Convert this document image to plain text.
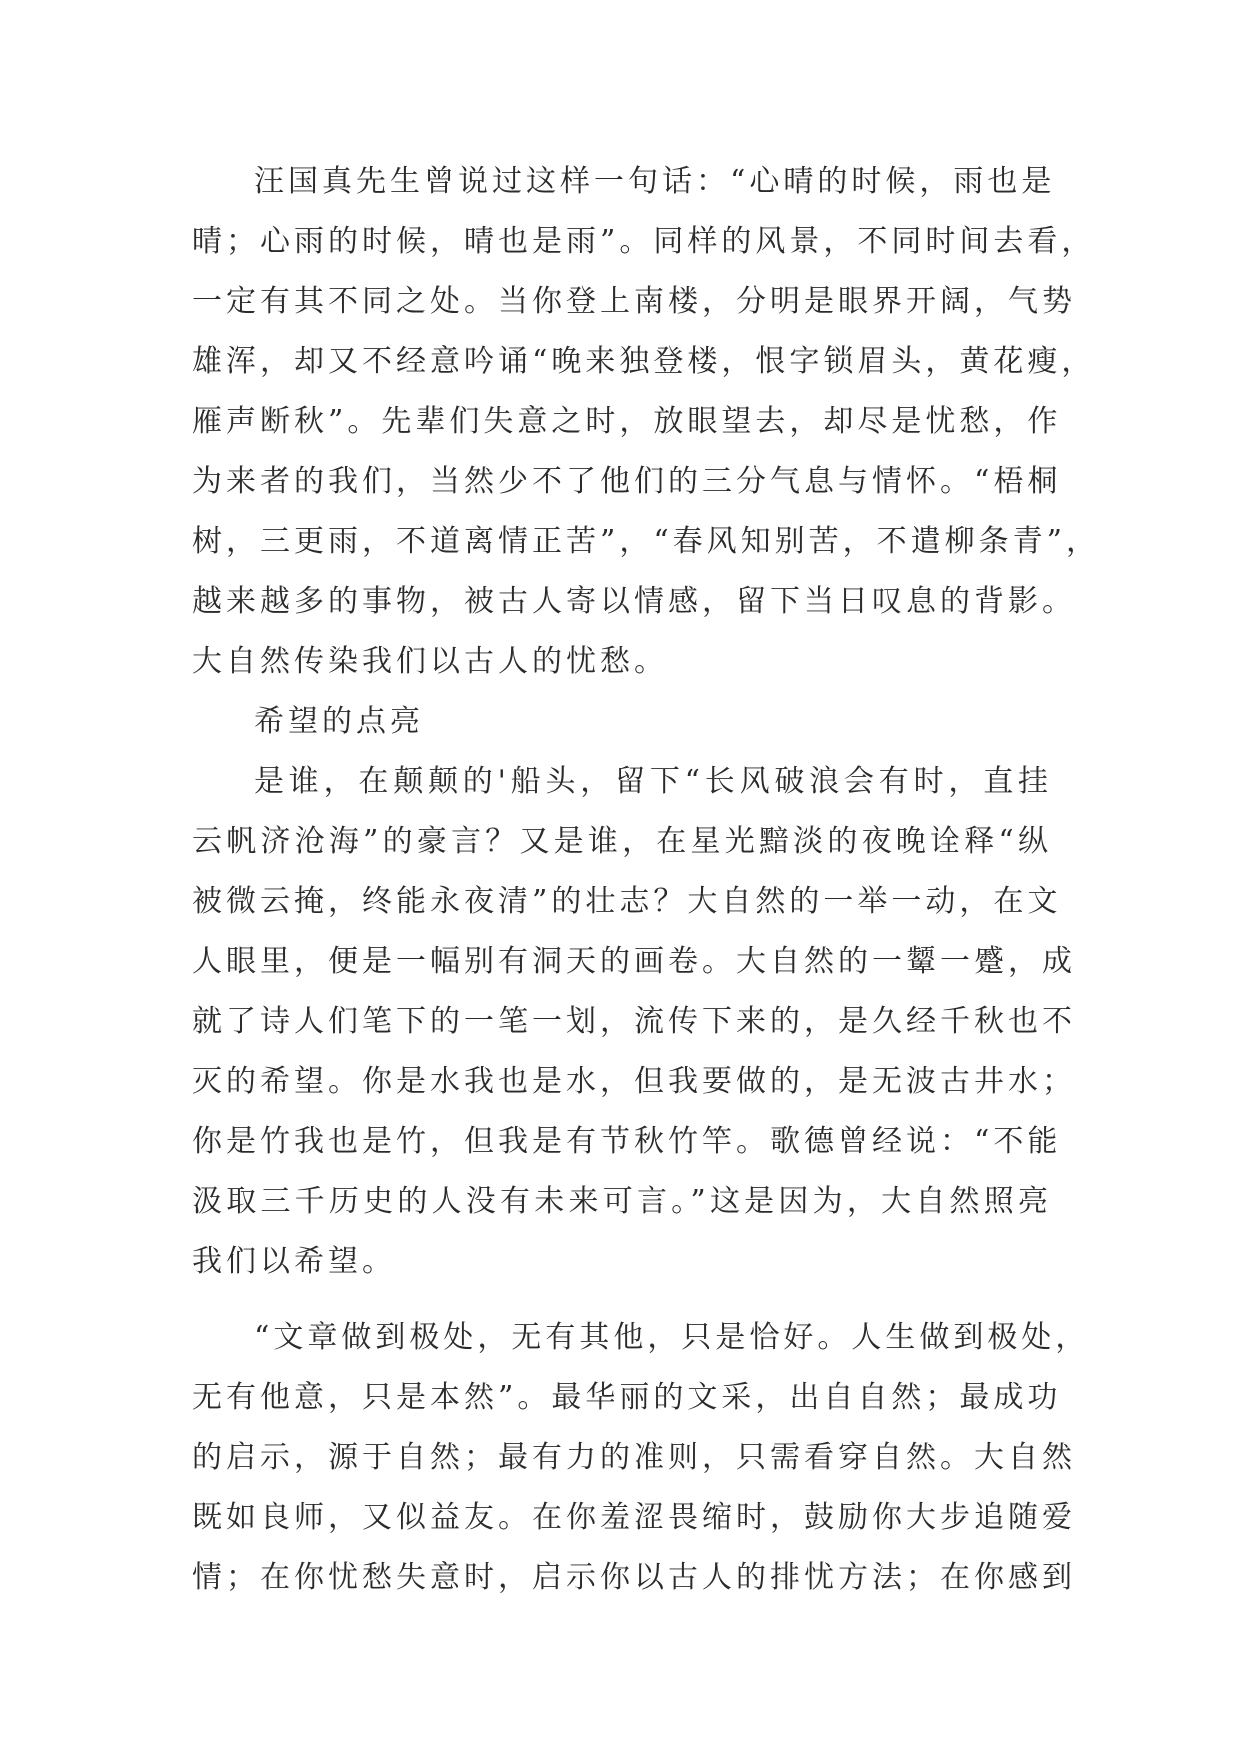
汪国真先生曾说过这样一句话：“心晴的时候，雨也是
晴；心雨的时候，晴也是雨”。同样的风景，不同时间去看，
一定有其不同之处。当你登上南楼，分明是眼界开阔，气势
雄浑，却又不经意吟诵“晚来独登楼，恨字锁眉头，黄花瘦，
雁声断秋”。先辈们失意之时，放眼望去，却尽是忧愁，作
为来者的我们，当然少不了他们的三分气息与情怀。“梧桐
树，三更雨，不道离情正苦”，“春风知别苦，不遣柳条青”，
越来越多的事物，被古人寄以情感，留下当日叹息的背影。
大自然传染我们以古人的忧愁。
希望的点亮
是谁，在颠颠的'船头，留下“长风破浪会有时，直挂
云帆济沧海”的豪言？又是谁，在星光黯淡的夜晚诠释“纵
被微云掩，终能永夜清”的壮志？大自然的一举一动，在文
人眼里，便是一幅别有洞天的画卷。大自然的一颦一蹙，成
就了诗人们笔下的一笔一划，流传下来的，是久经千秋也不
灭的希望。你是水我也是水，但我要做的，是无波古井水；
你是竹我也是竹，但我是有节秋竹竿。歌德曾经说：“不能
汲取三千历史的人没有未来可言。”这是因为，大自然照亮
我们以希望。
“文章做到极处，无有其他，只是恰好。人生做到极处，
无有他意，只是本然”。最华丽的文采，出自自然；最成功
的启示，源于自然；最有力的准则，只需看穿自然。大自然
既如良师，又似益友。在你羞涩畏缩时，鼓励你大步追随爱
情；在你忧愁失意时，启示你以古人的排忧方法；在你感到
